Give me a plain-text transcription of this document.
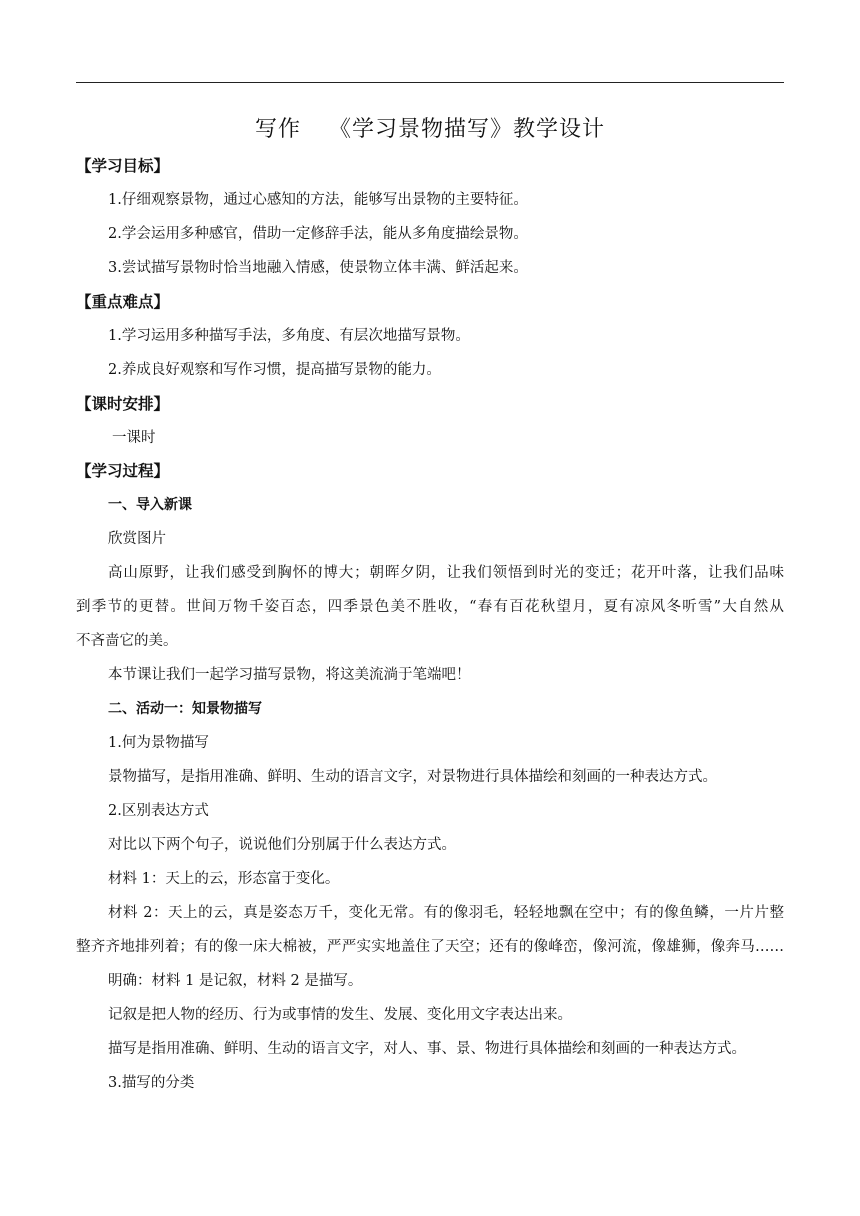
写作 《学习景物描写》教学设计
【学习目标】
1.仔细观察景物，通过心感知的方法，能够写出景物的主要特征。
2.学会运用多种感官，借助一定修辞手法，能从多角度描绘景物。
3.尝试描写景物时恰当地融入情感，使景物立体丰满、鲜活起来。
【重点难点】
1.学习运用多种描写手法，多角度、有层次地描写景物。
2.养成良好观察和写作习惯，提高描写景物的能力。
【课时安排】
一课时
【学习过程】
一、导入新课
欣赏图片
高山原野，让我们感受到胸怀的博大；朝晖夕阴，让我们领悟到时光的变迁；花开叶落，让我们品味
到季节的更替。世间万物千姿百态，四季景色美不胜收，“春有百花秋望月，夏有凉风冬听雪”大自然从
不吝啬它的美。
本节课让我们一起学习描写景物，将这美流淌于笔端吧！
二、活动一：知景物描写
1.何为景物描写
景物描写，是指用准确、鲜明、生动的语言文字，对景物进行具体描绘和刻画的一种表达方式。
2.区别表达方式
对比以下两个句子，说说他们分别属于什么表达方式。
材料 1：天上的云，形态富于变化。
材料 2：天上的云，真是姿态万千，变化无常。有的像羽毛，轻轻地飘在空中；有的像鱼鳞，一片片整
整齐齐地排列着；有的像一床大棉被，严严实实地盖住了天空；还有的像峰峦，像河流，像雄狮，像奔马……
明确：材料 1 是记叙，材料 2 是描写。
记叙是把人物的经历、行为或事情的发生、发展、变化用文字表达出来。
描写是指用准确、鲜明、生动的语言文字，对人、事、景、物进行具体描绘和刻画的一种表达方式。
3.描写的分类
